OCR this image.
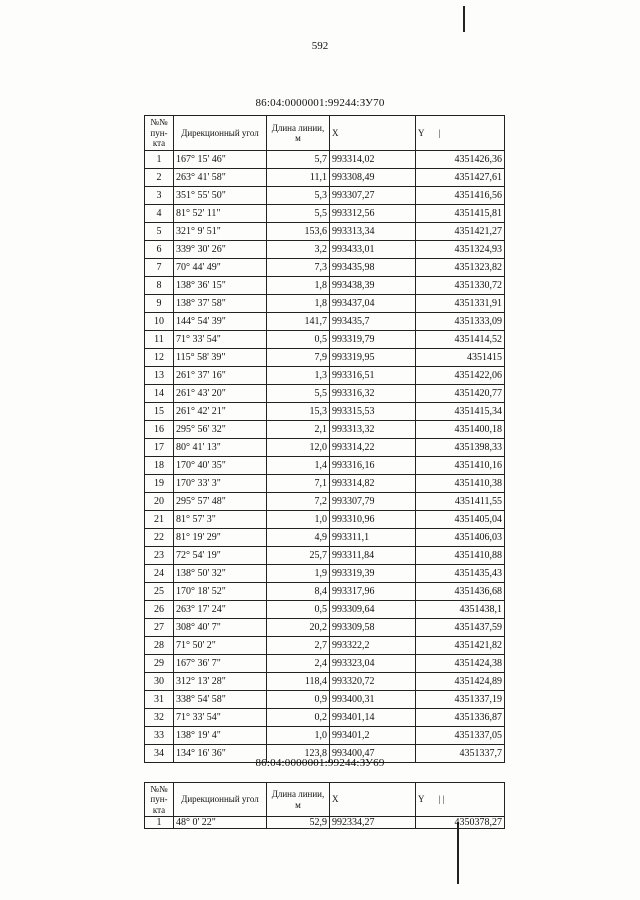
592
86:04:0000001:99244:ЗУ70
№№ пун- кта	Дирекционный угол	Длина линии, м	X	Y |
1	167° 15' 46"	5,7	993314,02	4351426,36
2	263° 41' 58"	11,1	993308,49	4351427,61
3	351° 55' 50"	5,3	993307,27	4351416,56
4	81° 52' 11"	5,5	993312,56	4351415,81
5	321° 9' 51"	153,6	993313,34	4351421,27
6	339° 30' 26"	3,2	993433,01	4351324,93
7	70° 44' 49"	7,3	993435,98	4351323,82
8	138° 36' 15"	1,8	993438,39	4351330,72
9	138° 37' 58"	1,8	993437,04	4351331,91
10	144° 54' 39"	141,7	993435,7	4351333,09
11	71° 33' 54"	0,5	993319,79	4351414,52
12	115° 58' 39"	7,9	993319,95	4351415
13	261° 37' 16"	1,3	993316,51	4351422,06
14	261° 43' 20"	5,5	993316,32	4351420,77
15	261° 42' 21"	15,3	993315,53	4351415,34
16	295° 56' 32"	2,1	993313,32	4351400,18
17	80° 41' 13"	12,0	993314,22	4351398,33
18	170° 40' 35"	1,4	993316,16	4351410,16
19	170° 33' 3"	7,1	993314,82	4351410,38
20	295° 57' 48"	7,2	993307,79	4351411,55
21	81° 57' 3"	1,0	993310,96	4351405,04
22	81° 19' 29"	4,9	993311,1	4351406,03
23	72° 54' 19"	25,7	993311,84	4351410,88
24	138° 50' 32"	1,9	993319,39	4351435,43
25	170° 18' 52"	8,4	993317,96	4351436,68
26	263° 17' 24"	0,5	993309,64	4351438,1
27	308° 40' 7"	20,2	993309,58	4351437,59
28	71° 50' 2"	2,7	993322,2	4351421,82
29	167° 36' 7"	2,4	993323,04	4351424,38
30	312° 13' 28"	118,4	993320,72	4351424,89
31	338° 54' 58"	0,9	993400,31	4351337,19
32	71° 33' 54"	0,2	993401,14	4351336,87
33	138° 19' 4"	1,0	993401,2	4351337,05
34	134° 16' 36"	123,8	993400,47	4351337,7
86:04:0000001:99244:ЗУ69
№№ пун- кта	Дирекционный угол	Длина линии, м	X	Y | |
1	48° 0' 22"	52,9	992334,27	4350378,27
